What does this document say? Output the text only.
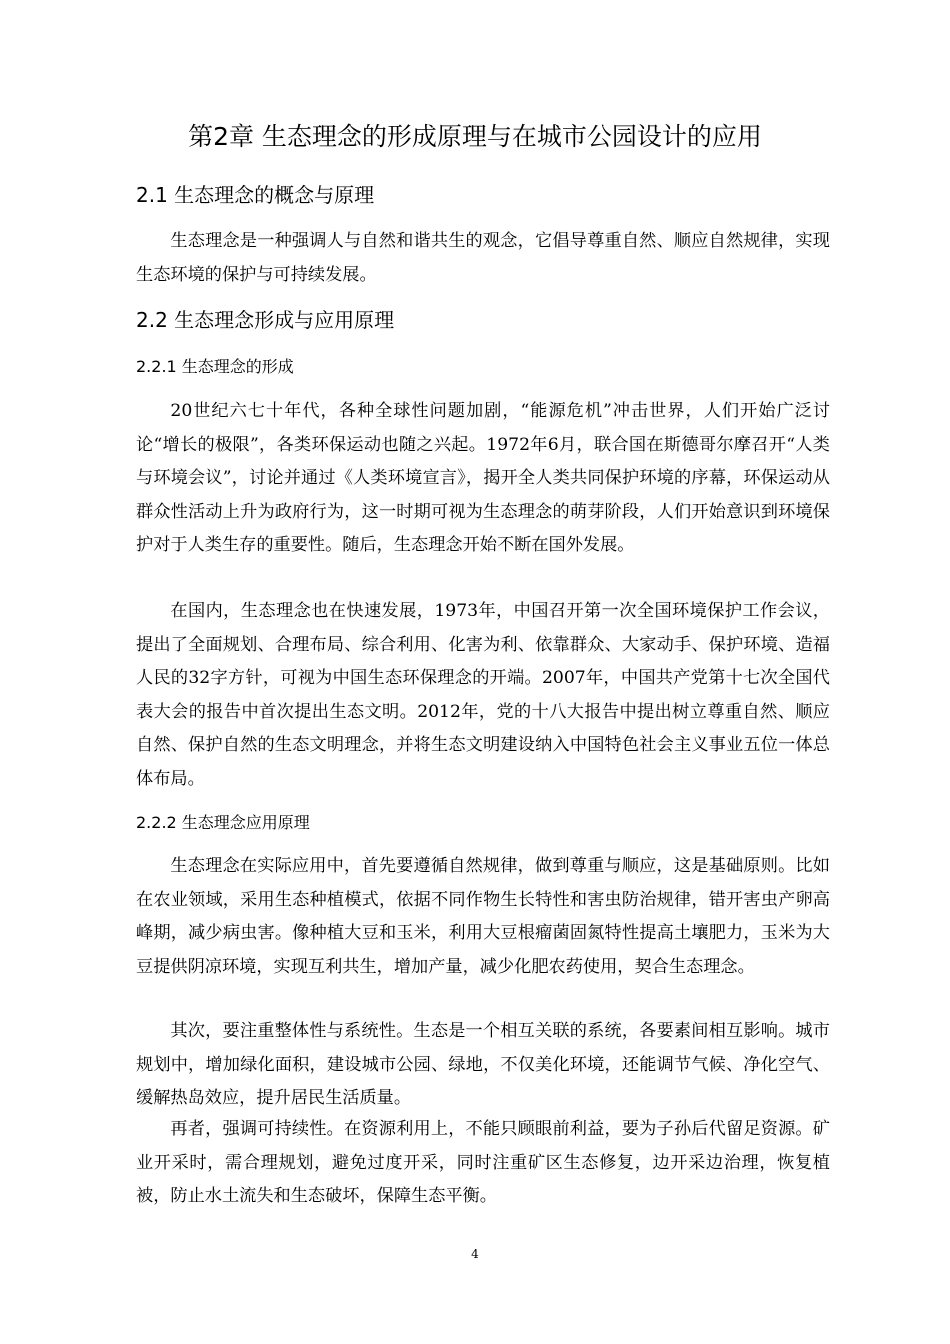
第2章 生态理念的形成原理与在城市公园设计的应用
2.1 生态理念的概念与原理

生态理念是一种强调人与自然和谐共生的观念，它倡导尊重自然、顺应自然规律，实现生态环境的保护与可持续发展。

2.2 生态理念形成与应用原理
2.2.1 生态理念的形成

20世纪六七十年代，各种全球性问题加剧，“能源危机”冲击世界，人们开始广泛讨论“增长的极限”，各类环保运动也随之兴起。1972年6月，联合国在斯德哥尔摩召开“人类与环境会议”，讨论并通过《人类环境宣言》，揭开全人类共同保护环境的序幕，环保运动从群众性活动上升为政府行为，这一时期可视为生态理念的萌芽阶段，人们开始意识到环境保护对于人类生存的重要性。随后，生态理念开始不断在国外发展。

在国内，生态理念也在快速发展，1973年，中国召开第一次全国环境保护工作会议，提出了全面规划、合理布局、综合利用、化害为利、依靠群众、大家动手、保护环境、造福人民的32字方针，可视为中国生态环保理念的开端。2007年，中国共产党第十七次全国代表大会的报告中首次提出生态文明。2012年，党的十八大报告中提出树立尊重自然、顺应自然、保护自然的生态文明理念，并将生态文明建设纳入中国特色社会主义事业五位一体总体布局。

2.2.2 生态理念应用原理

生态理念在实际应用中，首先要遵循自然规律，做到尊重与顺应，这是基础原则。比如在农业领域，采用生态种植模式，依据不同作物生长特性和害虫防治规律，错开害虫产卵高峰期，减少病虫害。像种植大豆和玉米，利用大豆根瘤菌固氮特性提高土壤肥力，玉米为大豆提供阴凉环境，实现互利共生，增加产量，减少化肥农药使用，契合生态理念。

其次，要注重整体性与系统性。生态是一个相互关联的系统，各要素间相互影响。城市规划中，增加绿化面积，建设城市公园、绿地，不仅美化环境，还能调节气候、净化空气、缓解热岛效应，提升居民生活质量。

再者，强调可持续性。在资源利用上，不能只顾眼前利益，要为子孙后代留足资源。矿业开采时，需合理规划，避免过度开采，同时注重矿区生态修复，边开采边治理，恢复植被，防止水土流失和生态破坏，保障生态平衡。

4
